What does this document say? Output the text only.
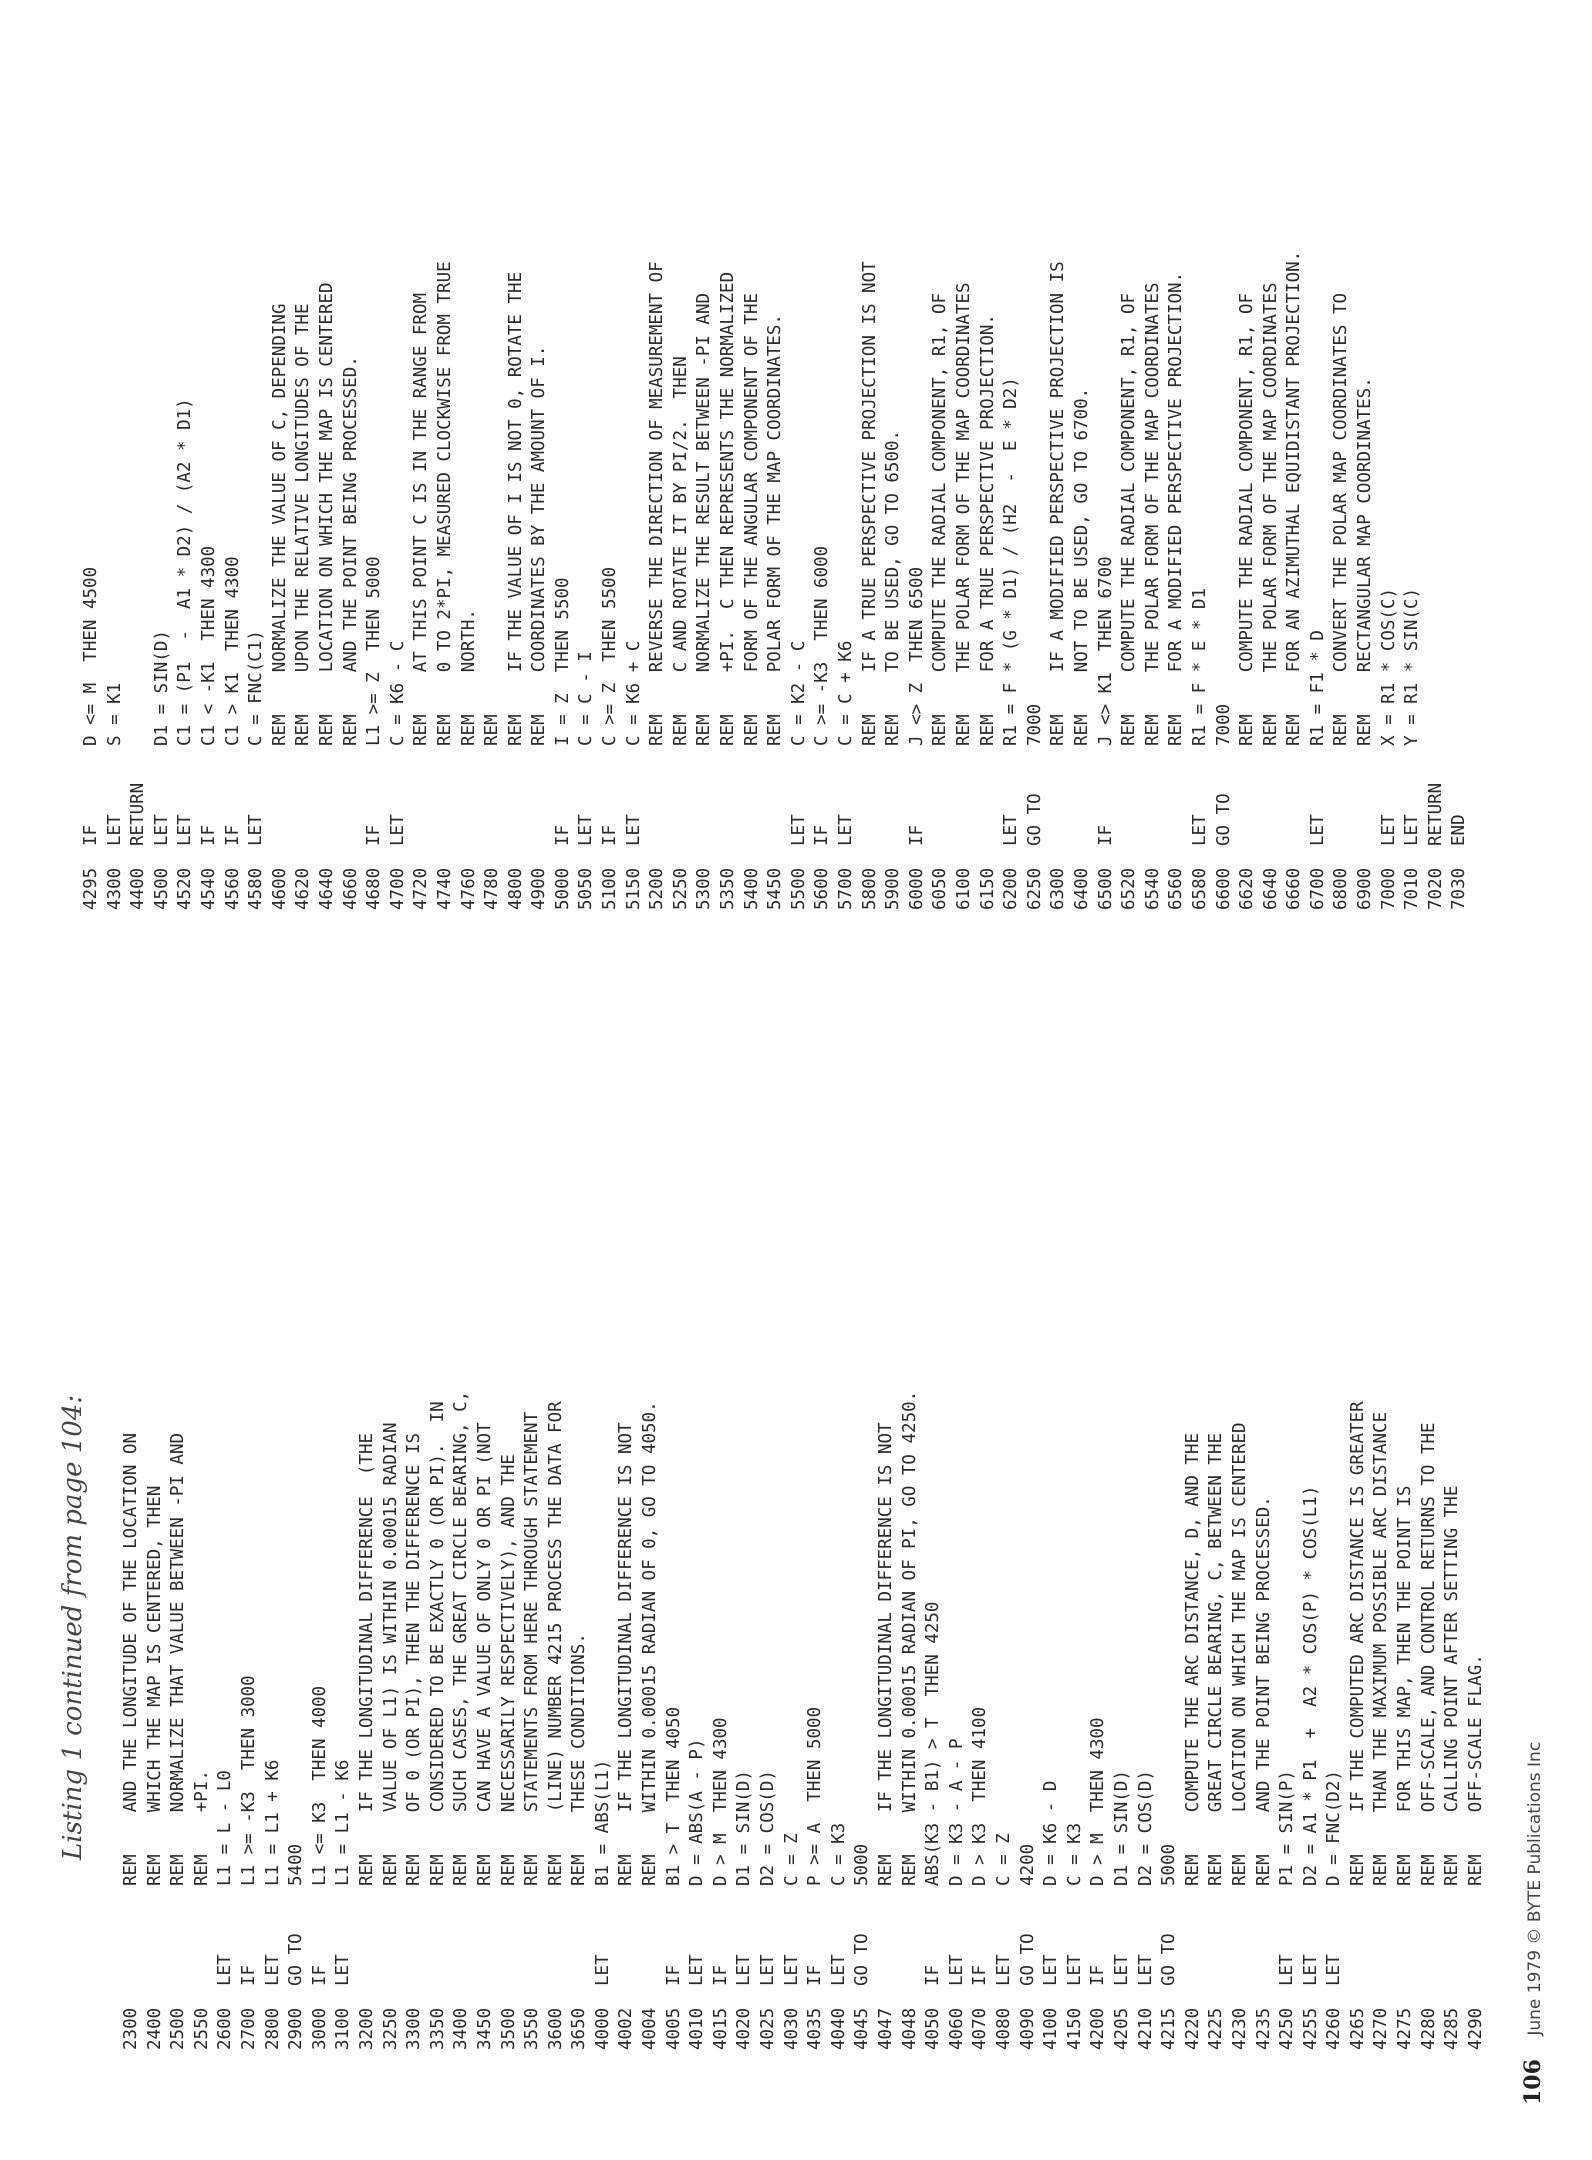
Listing 1 continued from page 104:
2300REM    AND THE LONGITUDE OF THE LOCATION ON
2400REM    WHICH THE MAP IS CENTERED, THEN
2500REM    NORMALIZE THAT VALUE BETWEEN -PI AND
2550REM    +PI.
2600LETL1 = L - L0
2700IFL1 >= -K3  THEN 3000
2800LETL1 = L1 + K6
2900GO TO5400
3000IFL1 <= K3  THEN 4000
3100LETL1 = L1 - K6
3200REM    IF THE LONGITUDINAL DIFFERENCE  (THE
3250REM    VALUE OF L1) IS WITHIN 0.00015 RADIAN
3300REM    OF 0 (OR PI), THEN THE DIFFERENCE IS
3350REM    CONSIDERED TO BE EXACTLY 0 (OR PI).  IN
3400REM    SUCH CASES, THE GREAT CIRCLE BEARING, C,
3450REM    CAN HAVE A VALUE OF ONLY 0 OR PI (NOT
3500REM    NECESSARILY RESPECTIVELY), AND THE
3550REM    STATEMENTS FROM HERE THROUGH STATEMENT
3600REM    (LINE) NUMBER 4215 PROCESS THE DATA FOR
3650REM    THESE CONDITIONS.
4000LETB1 = ABS(L1)
4002REM    IF THE LONGITUDINAL DIFFERENCE IS NOT
4004REM    WITHIN 0.00015 RADIAN OF 0, GO TO 4050.
4005IFB1 > T  THEN 4050
4010LETD = ABS(A - P)
4015IFD > M  THEN 4300
4020LETD1 = SIN(D)
4025LETD2 = COS(D)
4030LETC = Z
4035IFP >= A  THEN 5000
4040LETC = K3
4045GO TO5000
4047REM    IF THE LONGITUDINAL DIFFERENCE IS NOT
4048REM    WITHIN 0.00015 RADIAN OF PI, GO TO 4250.
4050IFABS(K3 - B1) > T  THEN 4250
4060LETD = K3 - A - P
4070IFD > K3  THEN 4100
4080LETC = Z
4090GO TO4200
4100LETD = K6 - D
4150LETC = K3
4200IFD > M  THEN 4300
4205LETD1 = SIN(D)
4210LETD2 = COS(D)
4215GO TO5000
4220REM    COMPUTE THE ARC DISTANCE, D, AND THE
4225REM    GREAT CIRCLE BEARING, C, BETWEEN THE
4230REM    LOCATION ON WHICH THE MAP IS CENTERED
4235REM    AND THE POINT BEING PROCESSED.
4250LETP1 = SIN(P)
4255LETD2 = A1 * P1  +  A2 * COS(P) * COS(L1)
4260LETD = FNC(D2)
4265REM    IF THE COMPUTED ARC DISTANCE IS GREATER
4270REM    THAN THE MAXIMUM POSSIBLE ARC DISTANCE
4275REM    FOR THIS MAP, THEN THE POINT IS
4280REM    OFF-SCALE, AND CONTROL RETURNS TO THE
4285REM    CALLING POINT AFTER SETTING THE
4290REM    OFF-SCALE FLAG.
4295IFD <= M  THEN 4500
4300LETS = K1
4400RETURN
4500LETD1 = SIN(D)
4520LETC1 = (P1  -  A1 * D2) / (A2 * D1)
4540IFC1 < -K1  THEN 4300
4560IFC1 > K1  THEN 4300
4580LETC = FNC(C1)
4600REM    NORMALIZE THE VALUE OF C, DEPENDING
4620REM    UPON THE RELATIVE LONGITUDES OF THE
4640REM    LOCATION ON WHICH THE MAP IS CENTERED
4660REM    AND THE POINT BEING PROCESSED.
4680IFL1 >= Z  THEN 5000
4700LETC = K6 - C
4720REM    AT THIS POINT C IS IN THE RANGE FROM
4740REM    0 TO 2*PI, MEASURED CLOCKWISE FROM TRUE
4760REM    NORTH.
4780REM
4800REM    IF THE VALUE OF I IS NOT 0, ROTATE THE
4900REM    COORDINATES BY THE AMOUNT OF I.
5000IFI = Z  THEN 5500
5050LETC = C - I
5100IFC >= Z  THEN 5500
5150LETC = K6 + C
5200REM    REVERSE THE DIRECTION OF MEASUREMENT OF
5250REM    C AND ROTATE IT BY PI/2.  THEN
5300REM    NORMALIZE THE RESULT BETWEEN -PI AND
5350REM    +PI.  C THEN REPRESENTS THE NORMALIZED
5400REM    FORM OF THE ANGULAR COMPONENT OF THE
5450REM    POLAR FORM OF THE MAP COORDINATES.
5500LETC = K2 - C
5600IFC >= -K3  THEN 6000
5700LETC = C + K6
5800REM    IF A TRUE PERSPECTIVE PROJECTION IS NOT
5900REM    TO BE USED, GO TO 6500.
6000IFJ <> Z  THEN 6500
6050REM    COMPUTE THE RADIAL COMPONENT, R1, OF
6100REM    THE POLAR FORM OF THE MAP COORDINATES
6150REM    FOR A TRUE PERSPECTIVE PROJECTION.
6200LETR1 = F * (G * D1) / (H2  -  E * D2)
6250GO TO7000
6300REM    IF A MODIFIED PERSPECTIVE PROJECTION IS
6400REM    NOT TO BE USED, GO TO 6700.
6500IFJ <> K1  THEN 6700
6520REM    COMPUTE THE RADIAL COMPONENT, R1, OF
6540REM    THE POLAR FORM OF THE MAP COORDINATES
6560REM    FOR A MODIFIED PERSPECTIVE PROJECTION.
6580LETR1 = F * E * D1
6600GO TO7000
6620REM    COMPUTE THE RADIAL COMPONENT, R1, OF
6640REM    THE POLAR FORM OF THE MAP COORDINATES
6660REM    FOR AN AZIMUTHAL EQUIDISTANT PROJECTION.
6700LETR1 = F1 * D
6800REM    CONVERT THE POLAR MAP COORDINATES TO
6900REM    RECTANGULAR MAP COORDINATES.
7000LETX = R1 * COS(C)
7010LETY = R1 * SIN(C)
7020RETURN
7030END
106 June 1979 © BYTE Publications Inc
